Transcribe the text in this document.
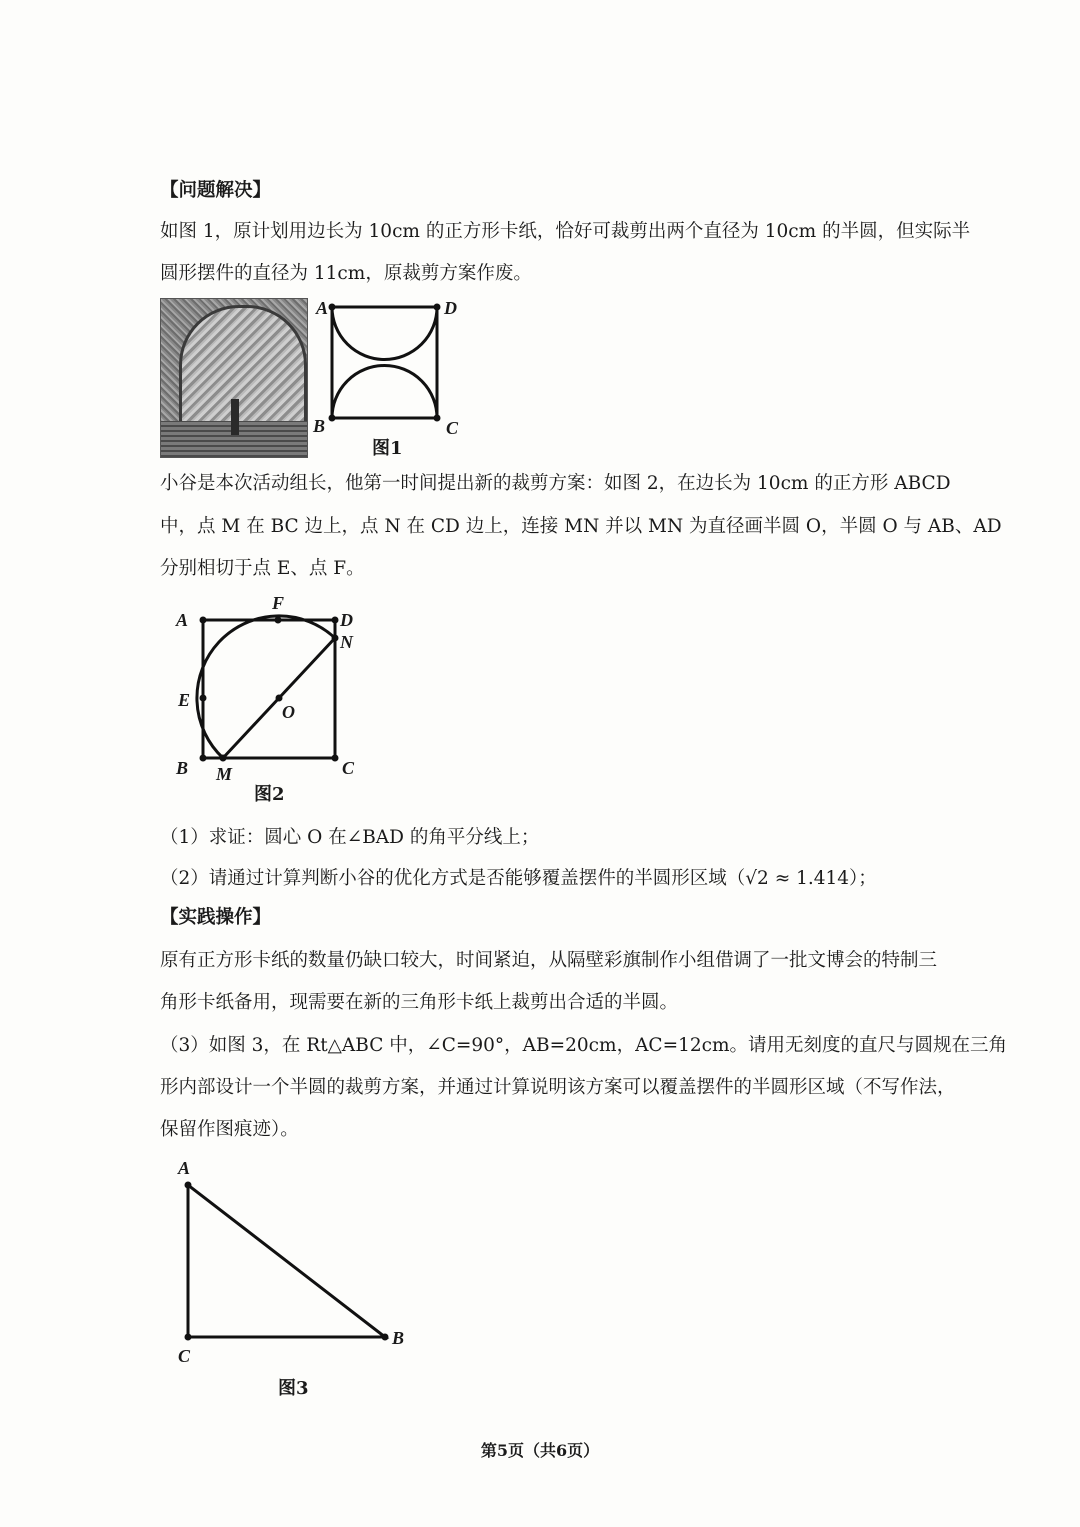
【问题解决】
如图 1，原计划用边长为 10cm 的正方形卡纸，恰好可裁剪出两个直径为 10cm 的半圆，但实际半
圆形摆件的直径为 11cm，原裁剪方案作废。
A	D
B	C
图1
小谷是本次活动组长，他第一时间提出新的裁剪方案：如图 2，在边长为 10cm 的正方形 ABCD
中，点 M 在 BC 边上，点 N 在 CD 边上，连接 MN 并以 MN 为直径画半圆 O，半圆 O 与 AB、AD
分别相切于点 E、点 F。
A
F
D
N
E
O
B M	C
图2
（1）求证：圆心 O 在∠BAD 的角平分线上；
（2）请通过计算判断小谷的优化方式是否能够覆盖摆件的半圆形区域（√2 ≈ 1.414）；
【实践操作】
原有正方形卡纸的数量仍缺口较大，时间紧迫，从隔壁彩旗制作小组借调了一批文博会的特制三
角形卡纸备用，现需要在新的三角形卡纸上裁剪出合适的半圆。
（3）如图 3，在 Rt△ABC 中，∠C=90°，AB=20cm，AC=12cm。请用无刻度的直尺与圆规在三角
形内部设计一个半圆的裁剪方案，并通过计算说明该方案可以覆盖摆件的半圆形区域（不写作法，
保留作图痕迹）。
A
C
B
图3
第5页（共6页）
